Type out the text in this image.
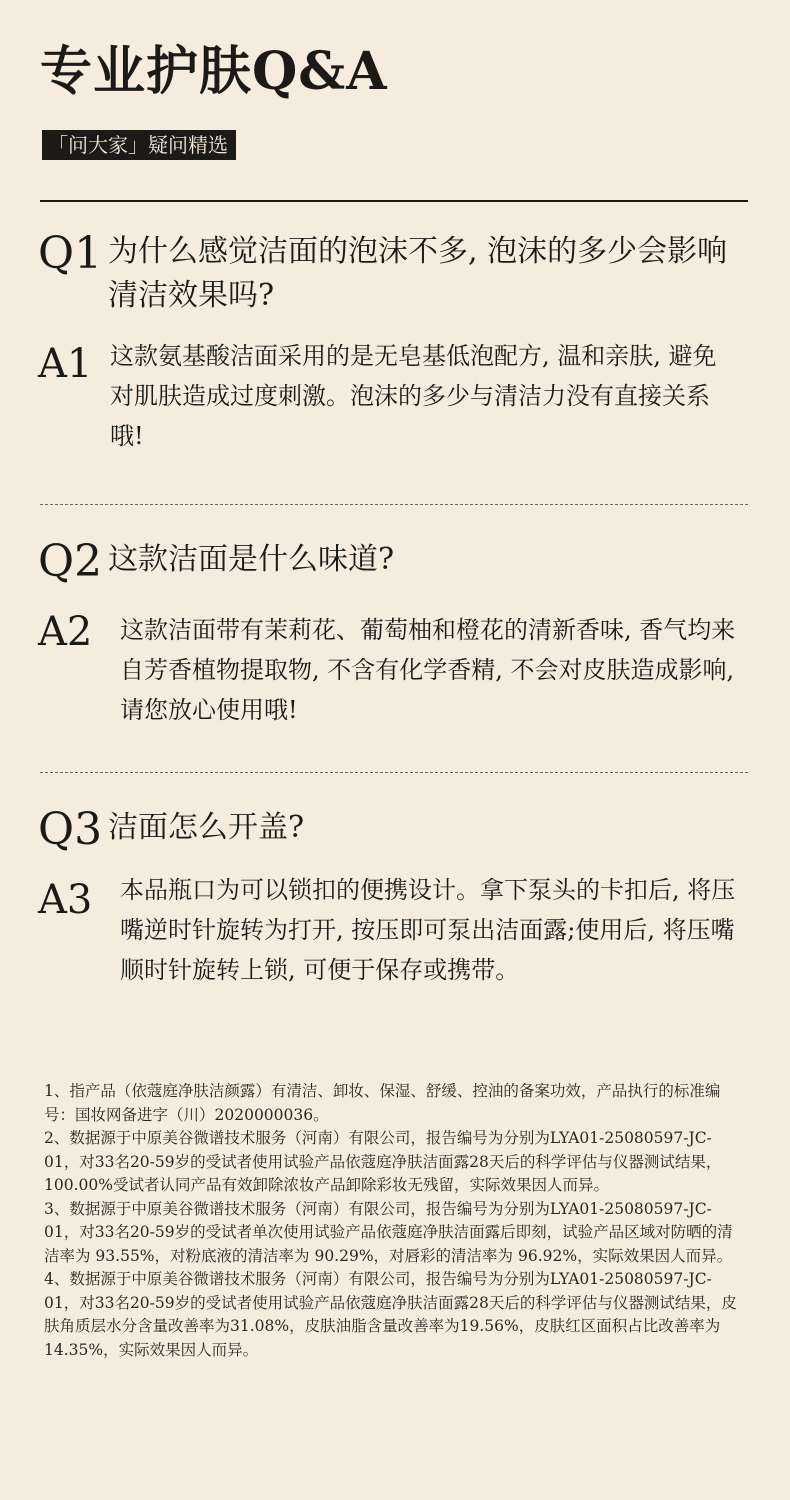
专业护肤Q&A
「问大家」疑问精选
Q1 为什么感觉洁面的泡沫不多, 泡沫的多少会影响清洁效果吗?
A1 这款氨基酸洁面采用的是无皂基低泡配方, 温和亲肤, 避免对肌肤造成过度刺激。泡沫的多少与清洁力没有直接关系哦!
Q2 这款洁面是什么味道?
A2 这款洁面带有茉莉花、葡萄柚和橙花的清新香味, 香气均来自芳香植物提取物, 不含有化学香精, 不会对皮肤造成影响, 请您放心使用哦!
Q3 洁面怎么开盖?
A3 本品瓶口为可以锁扣的便携设计。拿下泵头的卡扣后, 将压嘴逆时针旋转为打开, 按压即可泵出洁面露;使用后, 将压嘴顺时针旋转上锁, 可便于保存或携带。

1、指产品（依蔻庭净肤洁颜露）有清洁、卸妆、保湿、舒缓、控油的备案功效，产品执行的标准编号：国妆网备进字（川）2020000036。

2、数据源于中原美谷微谱技术服务（河南）有限公司，报告编号为分别为LYA01-25080597-JC-01，对33名20-59岁的受试者使用试验产品依蔻庭净肤洁面露28天后的科学评估与仪器测试结果，100.00%受试者认同产品有效卸除浓妆产品卸除彩妆无残留，实际效果因人而异。

3、数据源于中原美谷微谱技术服务（河南）有限公司，报告编号为分别为LYA01-25080597-JC-01，对33名20-59岁的受试者单次使用试验产品依蔻庭净肤洁面露后即刻，试验产品区域对防晒的清洁率为 93.55%，对粉底液的清洁率为 90.29%，对唇彩的清洁率为 96.92%，实际效果因人而异。

4、数据源于中原美谷微谱技术服务（河南）有限公司，报告编号为分别为LYA01-25080597-JC-01，对33名20-59岁的受试者使用试验产品依蔻庭净肤洁面露28天后的科学评估与仪器测试结果，皮肤角质层水分含量改善率为31.08%，皮肤油脂含量改善率为19.56%，皮肤红区面积占比改善率为14.35%，实际效果因人而异。
